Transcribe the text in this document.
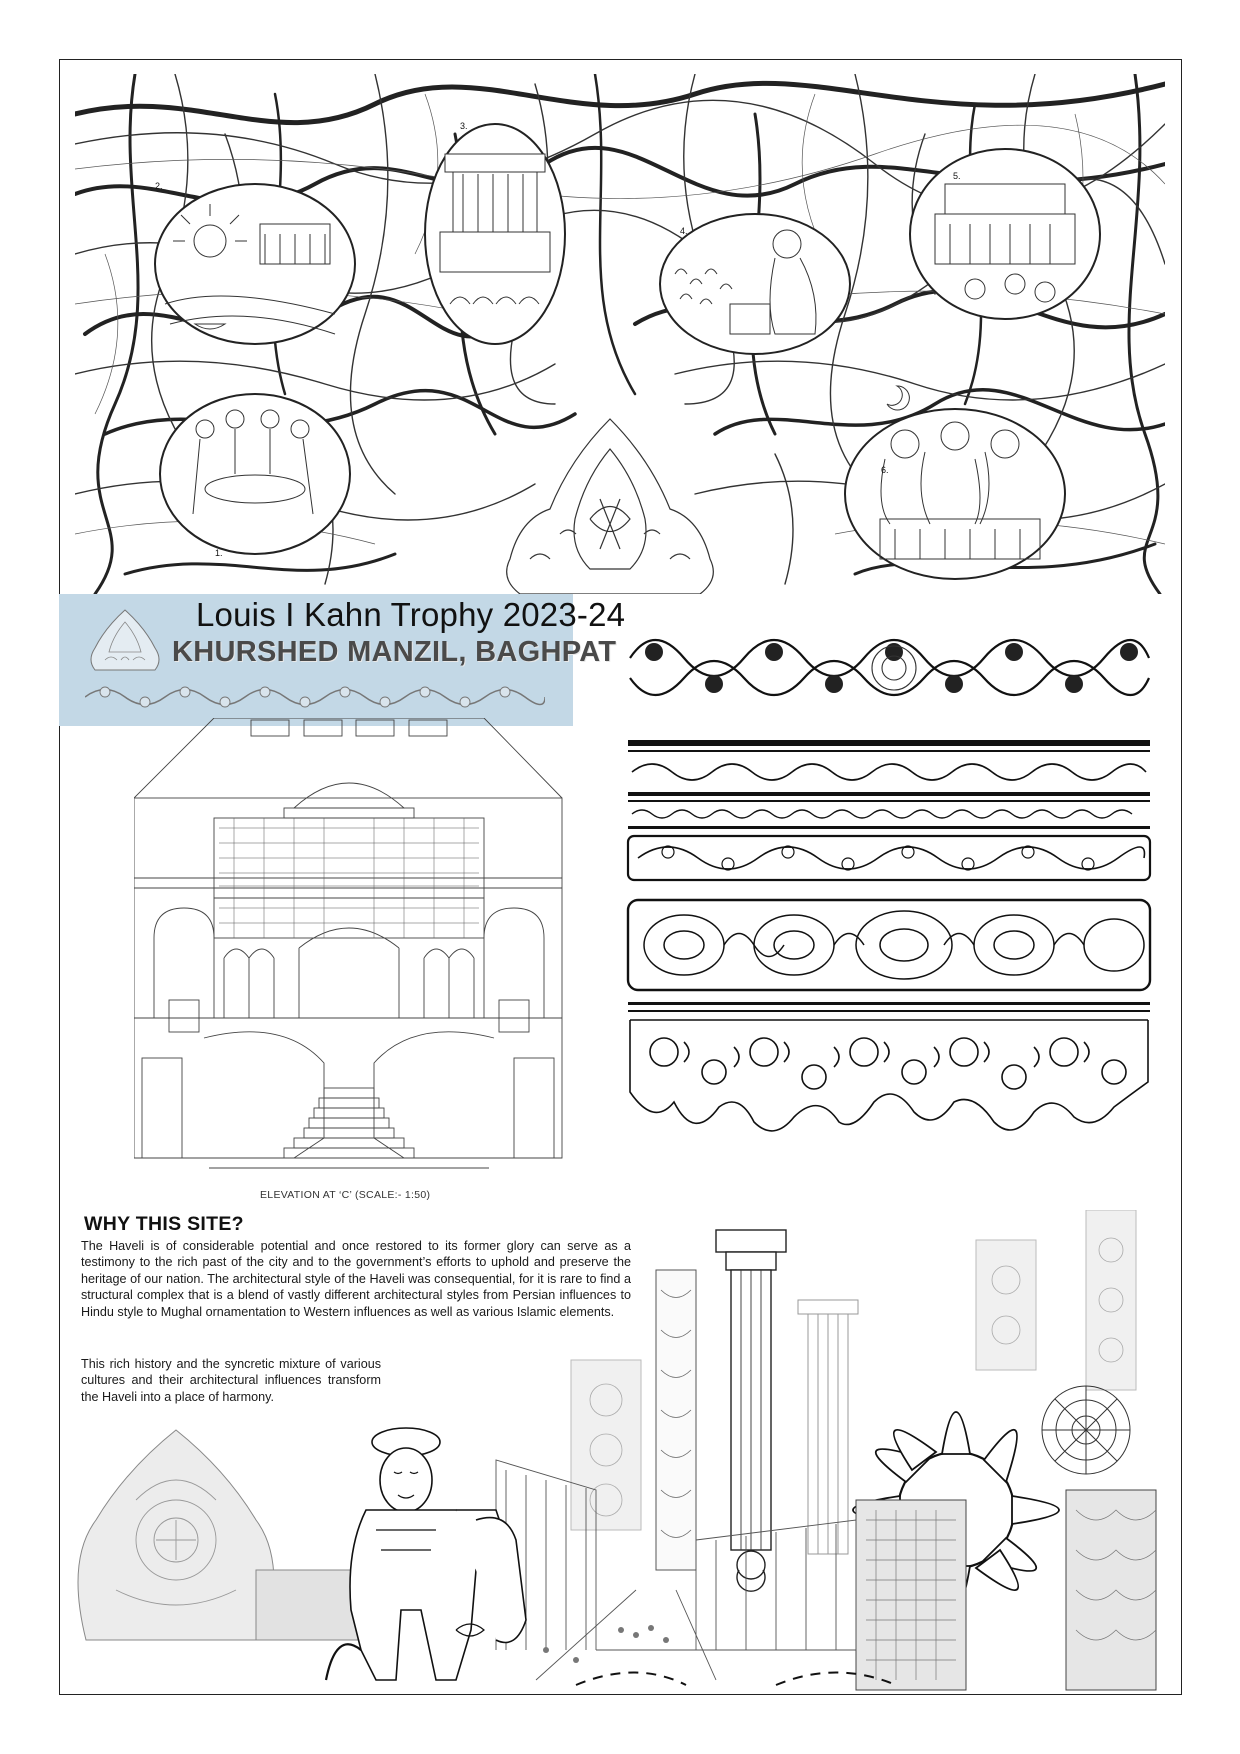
2.
3.
4.
5.
1.
6.
Louis I Kahn Trophy 2023-24
KHURSHED MANZIL, BAGHPAT
ELEVATION AT ‘C’ (SCALE:- 1:50)
WHY THIS SITE?
The Haveli is of considerable potential and once restored to its former glory can serve as a testimony to the rich past of the city and to the government’s efforts to uphold and preserve the heritage of our nation. The architectural style of the Haveli was consequential, for it is rare to find a structural complex that is a blend of vastly different architectural styles from Persian influences to Hindu style to Mughal ornamentation to Western influences as well as various Islamic elements.
This rich history and the syncretic mixture of various cultures and their architectural influences transform the Haveli into a place of harmony.
